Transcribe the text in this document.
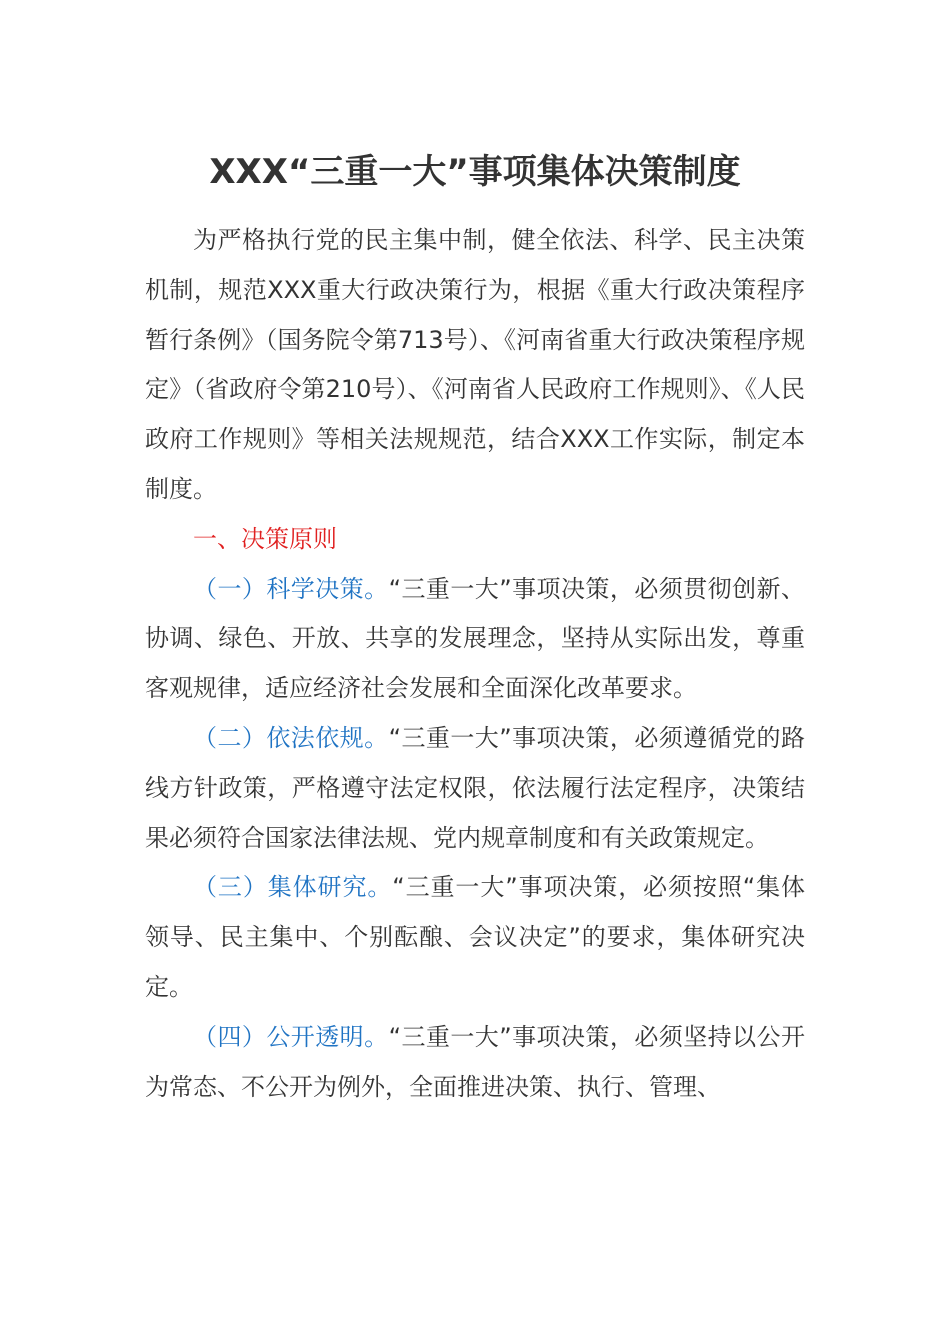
XXX“三重一大”事项集体决策制度

为严格执行党的民主集中制，健全依法、科学、民主决策机制，规范XXX重大行政决策行为，根据《重大行政决策程序暂行条例》（国务院令第713号）、《河南省重大行政决策程序规定》（省政府令第210号）、《河南省人民政府工作规则》、《人民政府工作规则》等相关法规规范，结合XXX工作实际，制定本制度。

一、决策原则

（一）科学决策。“三重一大”事项决策，必须贯彻创新、协调、绿色、开放、共享的发展理念，坚持从实际出发，尊重客观规律，适应经济社会发展和全面深化改革要求。

（二）依法依规。“三重一大”事项决策，必须遵循党的路线方针政策，严格遵守法定权限，依法履行法定程序，决策结果必须符合国家法律法规、党内规章制度和有关政策规定。

（三）集体研究。“三重一大”事项决策，必须按照“集体领导、民主集中、个别酝酿、会议决定”的要求，集体研究决定。

（四）公开透明。“三重一大”事项决策，必须坚持以公开为常态、不公开为例外，全面推进决策、执行、管理、
